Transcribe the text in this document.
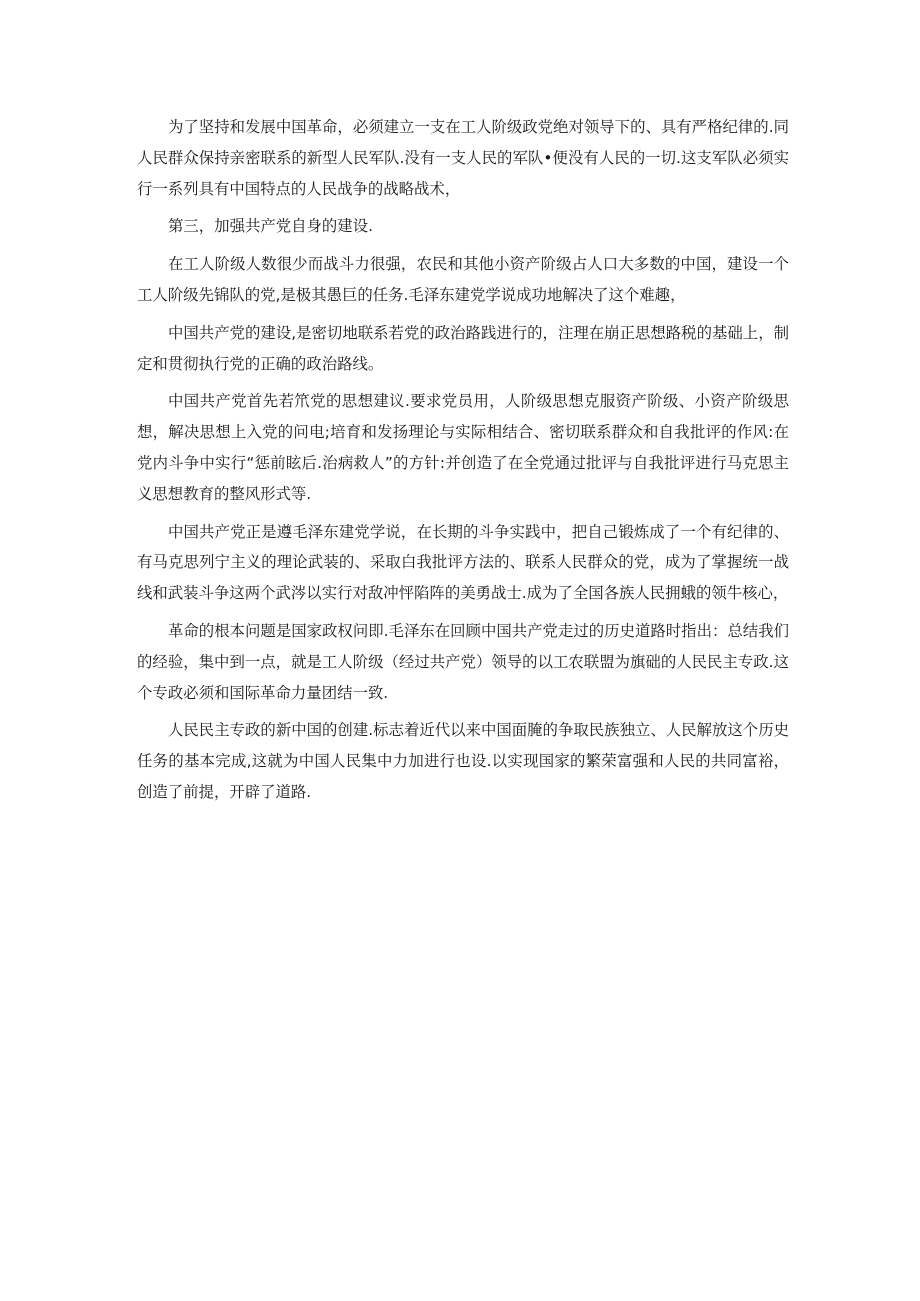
为了坚持和发展中国革命，必须建立一支在工人阶级政党绝对领导下的、具有严格纪律的.同人民群众保持亲密联系的新型人民军队.没有一支人民的军队•便没有人民的一切.这支军队必须实行一系列具有中国特点的人民战争的战略战术，

第三，加强共产党自身的建设.

在工人阶级人数很少而战斗力很强，农民和其他小资产阶级占人口大多数的中国，建设一个工人阶级先锦队的党,是极其愚巨的任务.毛泽东建党学说成功地解决了这个难趣，

中国共产党的建设,是密切地联系若党的政治路践进行的，注理在崩正思想路税的基础上，制定和贯彻执行党的正确的政治路线。

中国共产党首先若笊党的思想建议.要求党员用，人阶级思想克服资产阶级、小资产阶级思想，解决思想上入党的问电;培育和发扬理论与实际相结合、密切联系群众和自我批评的作风:在党内斗争中实行“惩前眩后.治病救人”的方针:并创造了在全党通过批评与自我批评进行马克思主义思想教育的整风形式等.

中国共产党正是遵毛泽东建党学说，在长期的斗争实践中，把自己锻炼成了一个有纪律的、有马克思列宁主义的理论武装的、采取白我批评方法的、联系人民群众的党，成为了掌握统一战线和武装斗争这两个武涔以实行对敌冲怦陷阵的美勇战士.成为了全国各族人民拥蛾的领牛核心，

革命的根本问题是国家政权问即.毛泽东在回顾中国共产党走过的历史道路时指出：总结我们的经验，集中到一点，就是工人阶级（经过共产党）领导的以工农联盟为旗础的人民民主专政.这个专政必须和国际革命力量团结一致.

人民民主专政的新中国的创建.标志着近代以来中国面腌的争取民族独立、人民解放这个历史任务的基本完成,这就为中国人民集中力加进行也设.以实现国家的繁荣富强和人民的共同富裕，创造了前提，开辟了道路.
